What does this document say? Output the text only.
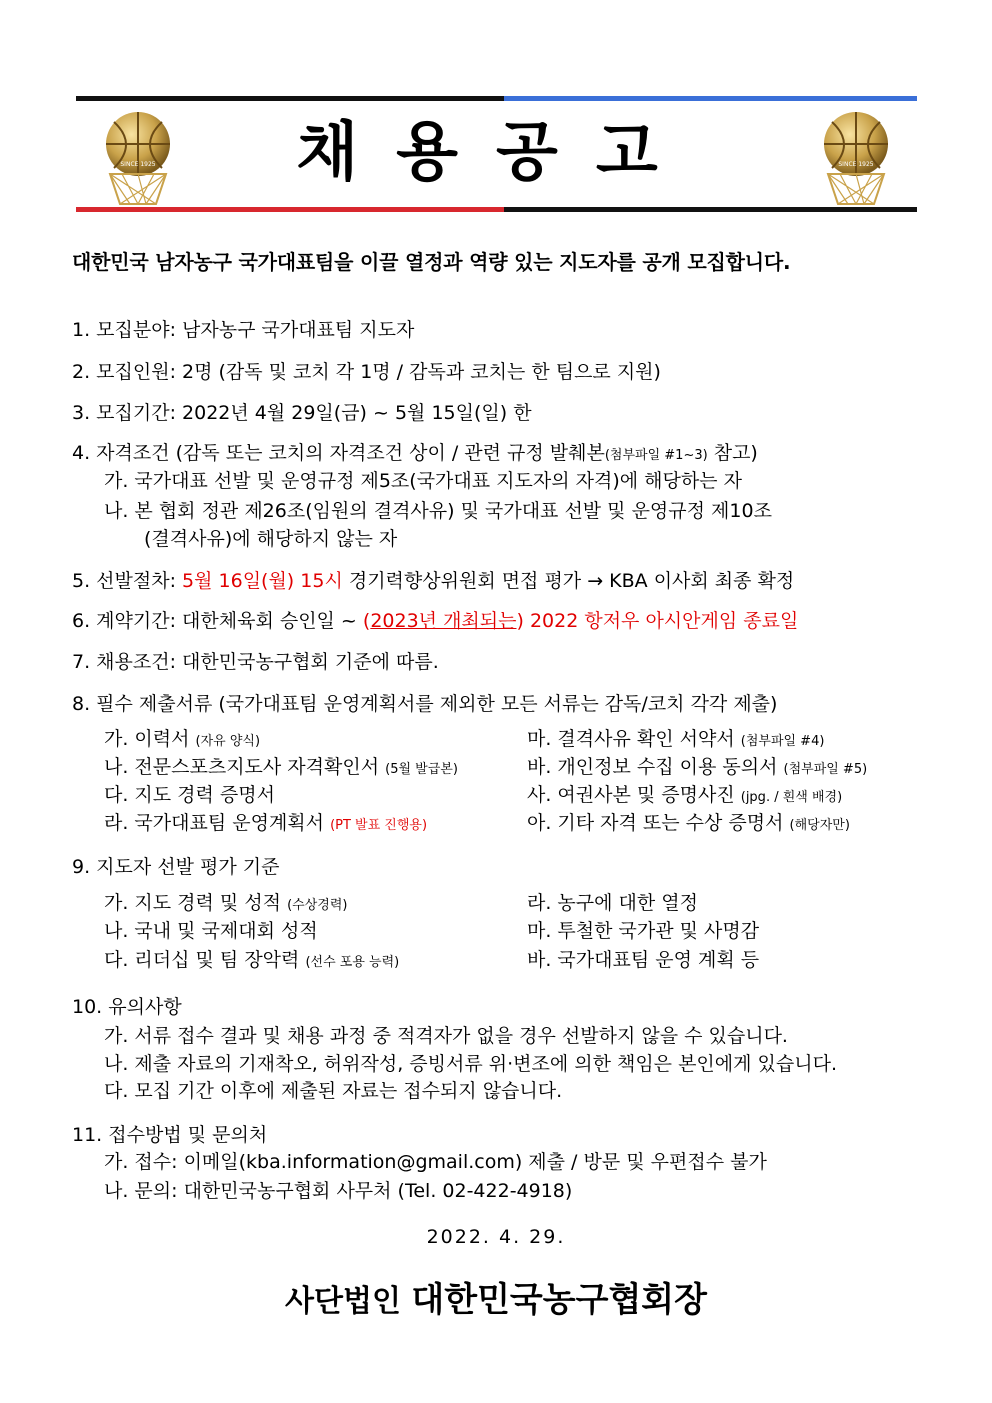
SINCE 1925	SINCE 1925
채용공고
대한민국 남자농구 국가대표팀을 이끌 열정과 역량 있는 지도자를 공개 모집합니다.
1. 모집분야: 남자농구 국가대표팀 지도자
2. 모집인원: 2명 (감독 및 코치 각 1명 / 감독과 코치는 한 팀으로 지원)
3. 모집기간: 2022년 4월 29일(금) ~ 5월 15일(일) 한
4. 자격조건 (감독 또는 코치의 자격조건 상이 / 관련 규정 발췌본(첨부파일 #1~3) 참고)
가. 국가대표 선발 및 운영규정 제5조(국가대표 지도자의 자격)에 해당하는 자
나. 본 협회 정관 제26조(임원의 결격사유) 및 국가대표 선발 및 운영규정 제10조
(결격사유)에 해당하지 않는 자
5. 선발절차: 5월 16일(월) 15시 경기력향상위원회 면접 평가 → KBA 이사회 최종 확정
6. 계약기간: 대한체육회 승인일 ~ (2023년 개최되는) 2022 항저우 아시안게임 종료일
7. 채용조건: 대한민국농구협회 기준에 따름.
8. 필수 제출서류 (국가대표팀 운영계획서를 제외한 모든 서류는 감독/코치 각각 제출)
가. 이력서 (자유 양식)
나. 전문스포츠지도사 자격확인서 (5월 발급본)
다. 지도 경력 증명서
라. 국가대표팀 운영계획서 (PT 발표 진행용)
마. 결격사유 확인 서약서 (첨부파일 #4)
바. 개인정보 수집 이용 동의서 (첨부파일 #5)
사. 여권사본 및 증명사진 (jpg. / 흰색 배경)
아. 기타 자격 또는 수상 증명서 (해당자만)
9. 지도자 선발 평가 기준
가. 지도 경력 및 성적 (수상경력)
나. 국내 및 국제대회 성적
다. 리더십 및 팀 장악력 (선수 포용 능력)
라. 농구에 대한 열정
마. 투철한 국가관 및 사명감
바. 국가대표팀 운영 계획 등
10. 유의사항
가. 서류 접수 결과 및 채용 과정 중 적격자가 없을 경우 선발하지 않을 수 있습니다.
나. 제출 자료의 기재착오, 허위작성, 증빙서류 위·변조에 의한 책임은 본인에게 있습니다.
다. 모집 기간 이후에 제출된 자료는 접수되지 않습니다.
11. 접수방법 및 문의처
가. 접수: 이메일(kba.information@gmail.com) 제출 / 방문 및 우편접수 불가
나. 문의: 대한민국농구협회 사무처 (Tel. 02-422-4918)
2022. 4. 29.
사단법인 대한민국농구협회장
